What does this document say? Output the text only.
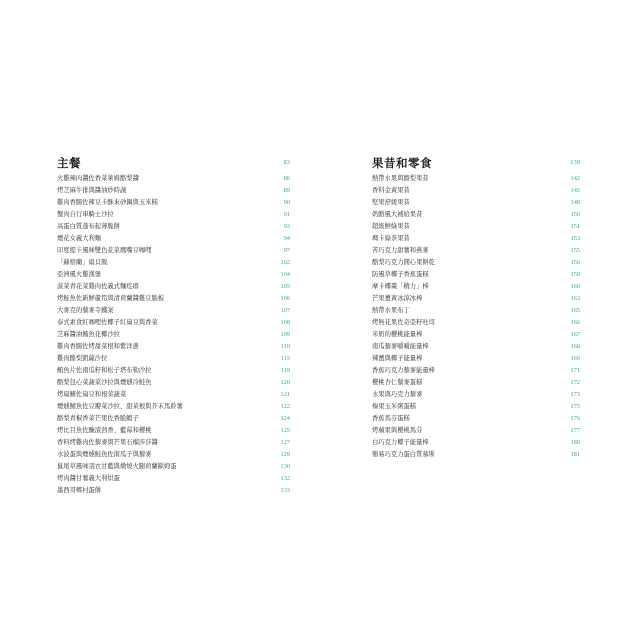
主餐	83
火雞辣肉醬佐香菜萊姆酪梨醬	86
烤芝麻牛排與醬油炒時蔬	89
雞肉香腸佐辣豆卡酥來砂鍋與玉米糕	90
蟹肉自行車騎士沙拉	91
高蛋白質蓬布起薄脆餅	93
煙花女義大利麵	94
印度提卡風味雙色花菜鷹嘴豆咖哩	97
「蘇格蘭」扇貝飯	102
亞洲風火雞漢堡	104
菠菜青花菜雞肉佐義式麵疙瘩	105
烤鮭魚佐新鮮蘆筍與清荷蘭醬雞豆腦板	106
大麥克的藜麥寺鐵案	107
泰式素食紅咖哩佐椰子紅扁豆與香菜	108
芝麻醬油鮪魚花椰沙拉	109
雞肉香腸佐烤甜菜根和紫洋蔥	110
雞肉酪梨凱薩沙拉	115
鮪魚片佐南瓜籽和松子塔布勒沙拉	119
酪梨包心菜蔬菜沙拉與煙燻冷鮭魚	120
烤扁鰺佐扁豆和根莖蔬菜	121
煙燻鯖魚佐豆瓣菜沙拉、甜菜根與芥末馬鈴薯	122
酪梨青椒香菜芒果佐香脆蝦子	124
烤比目魚佐醃漬茴香、藍莓和櫻桃	125
香料烤雞肉佐藜麥與芒果石榴莎莎醬	127
水波蛋與煙燻鮭魚佐南瓜子與藜麥	129
鼠尾草風味羽衣甘藍與燉燒火腿荷蘭歐姆蛋	130
烤肉醬甘薯義大利烘蛋	132
墨西哥鄉村蛋餅	133
果昔和零食	139
熱帶水果與酪梨果昔	142
香料金黃果昔	145
堅果舒緩果昔	148
奶酪風大補給果昔	150
超級鮮綠果昔	151
瑪卡綠茶果昔	153
苦巧克力甜薯和燕麥	155
酪梨巧克力開心果餅乾	156
防風草椰子香蕉蛋糕	159
摩卡椰棗「精力」棒	160
芒果薑黃冰涼冰棒	163
熱帶水果布丁	165
烤無花果佐奇亞籽吐司	166
米奶的櫻桃能量棒	167
南瓜藜麥嚼嚼能量棒	168
辣薑與椰子能量棒	169
香蕉巧克力藜麥能量棒	171
櫻桃杏仁藜麥蛋糕	172
水果與巧克力藜麥	173
榛果玉米粥蛋糕	175
香蕉馬芬蛋糕	176
烤蘋果與櫻桃馬芬	177
白巧克力椰子能量棒	180
簡易巧克力蛋白質慕斯	181
